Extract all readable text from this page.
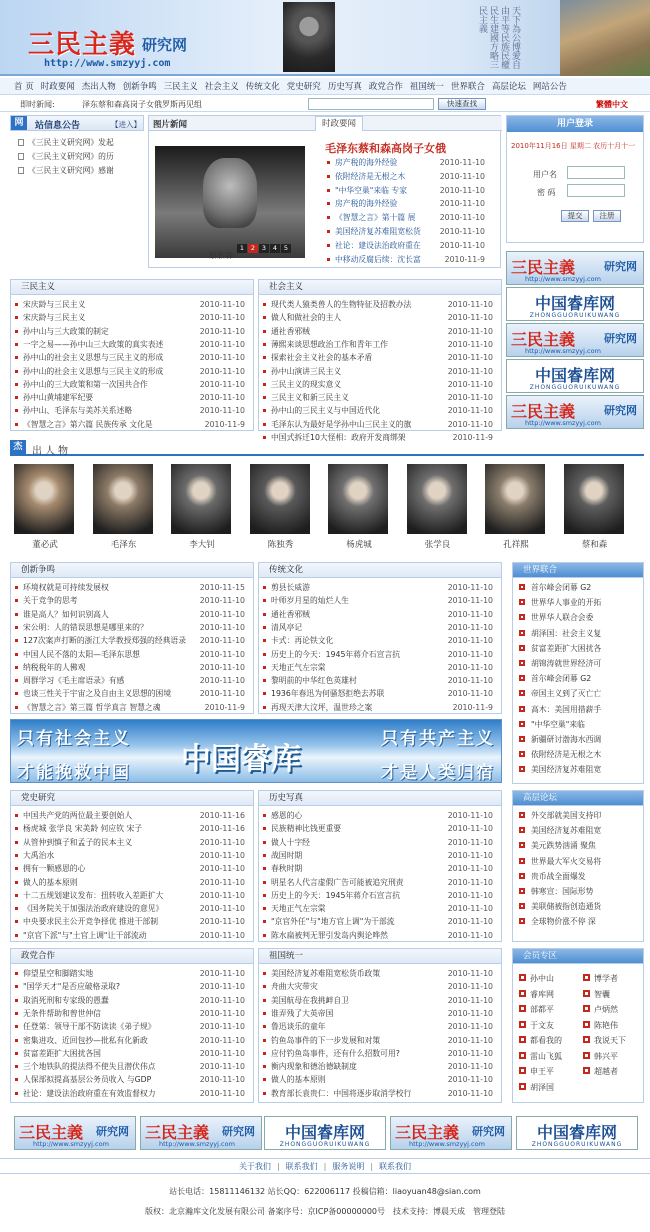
三民主義 研究网
http://www.smzyyj.com	天下為公博愛自由平等民族民權民生建國方略三民主義
首 页 时政要闻 杰出人物 创新争鸣 三民主义 社会主义 传统文化 党史研究 历史写真 政党合作 祖国统一 世界联合 高层论坛 网站公告
即时新闻:	泽东蔡和森高岗子女俄罗斯再见组	快速查找	繁體中文
网	站信息公告	【进入】
《三民主义研究网》发起
《三民主义研究网》的历
《三民主义研究网》感谢
图片新闻	时政要闻
1	2	3	4	5
蔡和森
毛泽东蔡和森高岗子女俄
房产税的海外经验	2010-11-10
依附经济是无根之木	2010-11-10
"中华空巢"来临 专家	2010-11-10
房产税的海外经验	2010-11-10
《智慧之言》第十篇 展	2010-11-10
美国经济复苏难阻宽松货	2010-11-10
社论：建设法治政府重在	2010-11-10
中移动反腐后续：沈长富	2010-11-9
用户登录
2010年11月16日 星期二 农历十月十一
用户名
密 码
提交	注册
三民主義	研究网
http://www.smzyyj.com
中国睿库网
ZHONGGUORUIKUWANG
三民主義	研究网
http://www.smzyyj.com
中国睿库网
ZHONGGUORUIKUWANG
三民主義	研究网
http://www.smzyyj.com
三民主义
宋庆龄与三民主义	2010-11-10
宋庆龄与三民主义	2010-11-10
孙中山与三大政策的制定	2010-11-10
一字之易——孙中山三大政策的真实表述	2010-11-10
孙中山的社会主义思想与三民主义的形成	2010-11-10
孙中山的社会主义思想与三民主义的形成	2010-11-10
孙中山的三大政策和第一次国共合作	2010-11-10
孙中山黄埔建军纪要	2010-11-10
孙中山、毛泽东与美苏关系述略	2010-11-10
《智慧之言》第六篇 民族传承 文化是	2010-11-9
社会主义
现代类人猿类兽人的生物特征及招教办法	2010-11-10
做人和做社会的主人	2010-11-10
通社香邪贼	2010-11-10
薄熙来谈思想政治工作和青年工作	2010-11-10
探索社会主义社会的基本矛盾	2010-11-10
孙中山演讲三民主义	2010-11-10
三民主义的现实意义	2010-11-10
三民主义和新三民主义	2010-11-10
孙中山的三民主义与中国近代化	2010-11-10
毛泽东认为最好是学孙中山三民主义的旗	2010-11-10
中国式拆迁10大怪相：政府开发商绑架	2010-11-9
杰 出人物
董必武	毛泽东	李大钊	陈独秀	杨虎城	张学良	孔祥熙	蔡和森
创新争鸣
环境权就是可持续发展权	2010-11-15
关于竞争的思考	2010-11-10
谁是高人？如何识别高人	2010-11-10
宋公明：人的错误思想是哪里来的？	2010-11-10
127次案声打断的浙江大学教授郑强的经典语录	2010-11-10
中国人民不落的太阳—毛泽东思想	2010-11-10
纳税税年的人佛观	2010-11-10
周群学习《毛主席语录》有感	2010-11-10
也谈三性关于宇宙之及自由主义思想的困境	2010-11-10
《智慧之言》第三篇 哲学真言 智慧之魂	2010-11-9
传统文化
剪县长威游	2010-11-10
叶师岁月星的灿烂人生	2010-11-10
通社香邪贼	2010-11-10
清风亭记	2010-11-10
卡式：再论铁文化	2010-11-10
历史上的今天：1945年蒋介石宣言抗	2010-11-10
天地正气左宗棠	2010-11-10
黎明前的中华红色英雄村	2010-11-10
1936年春迅为何骚怒拒绝去苏联	2010-11-10
再现天津大汶坪，温世珍之案	2010-11-9
世界联合
首尔峰会闭幕 G2
世界华人事业的开拓
世界华人联合会委
胡泽国：社会主义复
贫富差距扩大困扰各
胡锦涛就世界经济可
首尔峰会闭幕 G2
帝国主义到了灭亡亡
高木：美国用措薪手
"中华空巢"来临
新疆研讨渤海水西调
依附经济是无根之木
美国经济复苏难阻宽
只有社会主义
才能挽救中国 中国睿库
只有共产主义
才是人类归宿
党史研究
中国共产党的两位最主要创始人	2010-11-16
杨虎城 张学良 宋美龄 何应钦 宋子	2010-11-16
从管仲到慎子和孟子的民本主义	2010-11-10
大禹治水	2010-11-10
拥有一颗感恩的心	2010-11-10
做人的基本原则	2010-11-10
十二五规划建议发布：扭转收入差距扩大	2010-11-10
《国务院关于加强法治政府建设的意见》	2010-11-10
中央要求民主公开竞争择优 推进干部制	2010-11-10
"京官下派"与"土官上调"让干部流动	2010-11-10
历史写真
感恩的心	2010-11-10
民族精神比钱更重要	2010-11-10
做人十字经	2010-11-10
战国时期	2010-11-10
春秋时期	2010-11-10
明星名人代言虚假广告可能被追究刑责	2010-11-10
历史上的今天：1945年蒋介石宣言抗	2010-11-10
天地正气左宗棠	2010-11-10
"京官外任"与"地方官上调"为干部流	2010-11-10
陈水扁被判无罪引发岛内舆论哗然	2010-11-10
高层论坛
外交部就美国支持印
美国经济复苏难阻宽
美元跌势汹涌 聚焦
世界最大军火交易将
贵币战全面爆发
韩寒宣：国际形势
美联储被指创造通货
全球物价涨不停 深
政党合作
仰望星空和脚踏实地	2010-11-10
"国学天才"是否应破格录取?	2010-11-10
取消死刑和专家级的愚蠢	2010-11-10
无条件帮助和曾世仲信	2010-11-10
任登第：领导干部不防读读《弟子规》	2010-11-10
密集进攻、近回包抄—批私有化新政	2010-11-10
贫富差距扩大困扰各国	2010-11-10
三个地铁队的提法得不使失且潜伏伟点	2010-11-10
人保部拟提高基层公务员收入 与GDP	2010-11-10
社论：建设法治政府重在有效监督权力	2010-11-10
祖国统一
美国经济复苏难阻宽松货币政策	2010-11-10
舟曲大灾带灾	2010-11-10
美国航母在我挑衅自卫	2010-11-10
谁弄残了大英帝国	2010-11-10
鲁迅谈乐的童年	2010-11-10
钓鱼岛事件的下一步发展和对策	2010-11-10
应付钓鱼岛事件，还有什么招数可用?	2010-11-10
衡内现象和德治德缺制度	2010-11-10
做人的基本原则	2010-11-10
教育部长袁贵仁：中国将逐步取消学校行	2010-11-10
会员专区
孙中山	博学者
睿库网	智囊
部都平	卢炳然
于文友	陈艳伟
都看我的	我说天下
雷山飞狐	韩兴平
申王平	超越者
胡泽国
三民主義 研究网
http://www.smzyyj.com
三民主義 研究网
http://www.smzyyj.com
中国睿库网
ZHONGGUORUIKUWANG
三民主義 研究网
http://www.smzyyj.com
中国睿库网
ZHONGGUORUIKUWANG
关于我们 | 联系我们 | 服务说明 | 联系我们
站长电话：15811146132 站长QQ：622006117 投稿信箱：liaoyuan48@sian.com
版权：北京瀚库文化发展有限公司 备案序号：京ICP备00000000号　技术支持：博晨天成　管理登陆
